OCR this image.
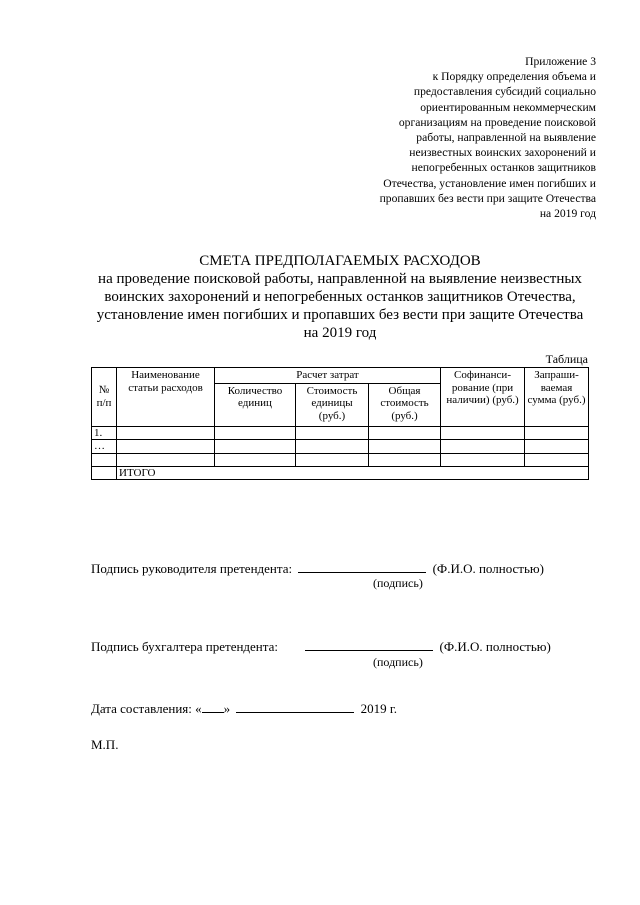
Приложение 3
к Порядку определения объема и
предоставления субсидий социально
ориентированным некоммерческим
организациям на проведение поисковой
работы, направленной на выявление
неизвестных воинских захоронений и
непогребенных останков защитников
Отечества, установление имен погибших и
пропавших без вести при защите Отечества
на 2019 год
СМЕТА ПРЕДПОЛАГАЕМЫХ РАСХОДОВ
на проведение поисковой работы, направленной на выявление неизвестных
воинских захоронений и непогребенных останков защитников Отечества,
установление имен погибших и пропавших без вести при защите Отечества
на 2019 год
Таблица
№ п/п	Наименование статьи расходов	Расчет затрат			Софинанси-рование (при наличии) (руб.)	Запраши-ваемая сумма (руб.)
		Количество единиц	Стоимость единицы (руб.)	Общая стоимость (руб.)		
1.						
…						

	ИТОГО					
Подпись руководителя претендента:	(Ф.И.О. полностью)
(подпись)
Подпись бухгалтера претендента:	(Ф.И.О. полностью)
(подпись)
Дата составления: « »	2019 г.
М.П.
